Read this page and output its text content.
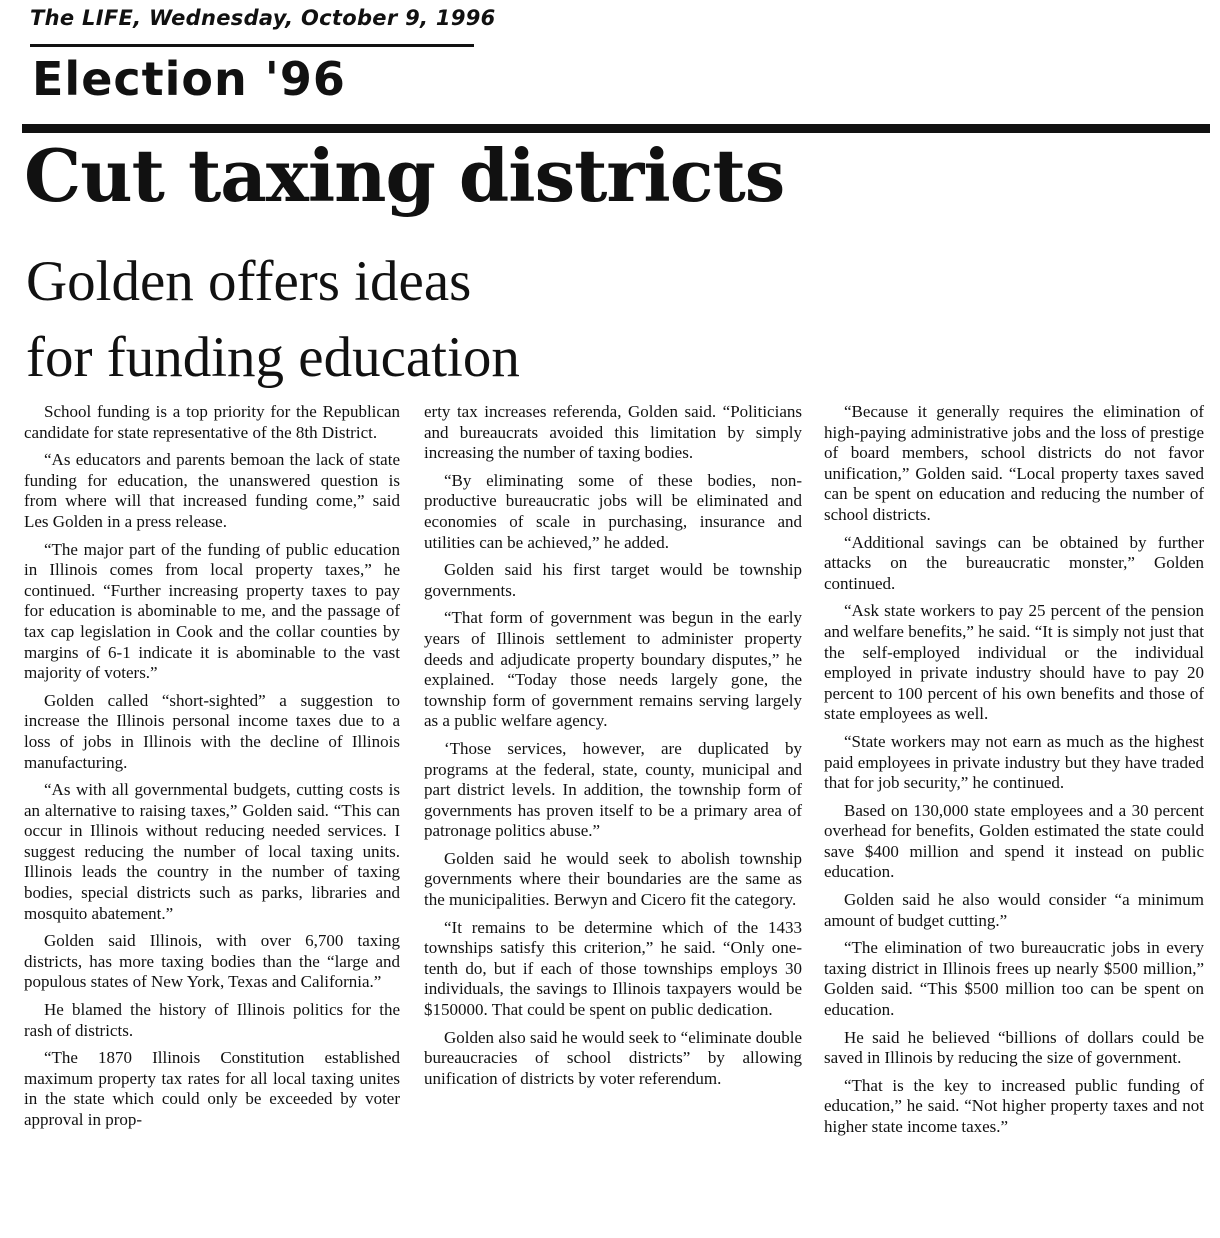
The LIFE, Wednesday, October 9, 1996
Election '96
Cut taxing districts
Golden offers ideas
for funding education

School funding is a top priority for the Republican candidate for state representative of the 8th District.

“As educators and parents bemoan the lack of state funding for education, the unanswered question is from where will that increased funding come,” said Les Golden in a press release.

“The major part of the funding of public education in Illinois comes from local property taxes,” he continued. “Further increasing property taxes to pay for education is abominable to me, and the passage of tax cap legislation in Cook and the collar counties by margins of 6-1 indicate it is abominable to the vast majority of voters.”

Golden called “short-sighted” a suggestion to increase the Illinois personal income taxes due to a loss of jobs in Illinois with the decline of Illinois manufacturing.

“As with all governmental budgets, cutting costs is an alternative to raising taxes,” Golden said. “This can occur in Illinois without reducing needed services. I suggest reducing the number of local taxing units. Illinois leads the country in the number of taxing bodies, special districts such as parks, libraries and mosquito abatement.”

Golden said Illinois, with over 6,700 taxing districts, has more taxing bodies than the “large and populous states of New York, Texas and California.”

He blamed the history of Illinois politics for the rash of districts.

“The 1870 Illinois Constitution established maximum property tax rates for all local taxing unites in the state which could only be exceeded by voter approval in prop-

erty tax increases referenda, Golden said. “Politicians and bureaucrats avoided this limitation by simply increasing the number of taxing bodies.

“By eliminating some of these bodies, non-productive bureaucratic jobs will be eliminated and economies of scale in purchasing, insurance and utilities can be achieved,” he added.

Golden said his first target would be township governments.

“That form of government was begun in the early years of Illinois settlement to administer property deeds and adjudicate property boundary disputes,” he explained. “Today those needs largely gone, the township form of government remains serving largely as a public welfare agency.

‘Those services, however, are duplicated by programs at the federal, state, county, municipal and part district levels. In addition, the township form of governments has proven itself to be a primary area of patronage politics abuse.”

Golden said he would seek to abolish township governments where their boundaries are the same as the municipalities. Berwyn and Cicero fit the category.

“It remains to be determine which of the 1433 townships satisfy this criterion,” he said. “Only one-tenth do, but if each of those townships employs 30 individuals, the savings to Illinois taxpayers would be $150000. That could be spent on public dedication.

Golden also said he would seek to “eliminate double bureaucracies of school districts” by allowing unification of districts by voter referendum.

“Because it generally requires the elimination of high-paying administrative jobs and the loss of prestige of board members, school districts do not favor unification,” Golden said. “Local property taxes saved can be spent on education and reducing the number of school districts.

“Additional savings can be obtained by further attacks on the bureaucratic monster,” Golden continued.

“Ask state workers to pay 25 percent of the pension and welfare benefits,” he said. “It is simply not just that the self-employed individual or the individual employed in private industry should have to pay 20 percent to 100 percent of his own benefits and those of state employees as well.

“State workers may not earn as much as the highest paid employees in private industry but they have traded that for job security,” he continued.

Based on 130,000 state employees and a 30 percent overhead for benefits, Golden estimated the state could save $400 million and spend it instead on public education.

Golden said he also would consider “a minimum amount of budget cutting.”

“The elimination of two bureaucratic jobs in every taxing district in Illinois frees up nearly $500 million,” Golden said. “This $500 million too can be spent on education.

He said he believed “billions of dollars could be saved in Illinois by reducing the size of government.

“That is the key to increased public funding of education,” he said. “Not higher property taxes and not higher state income taxes.”
